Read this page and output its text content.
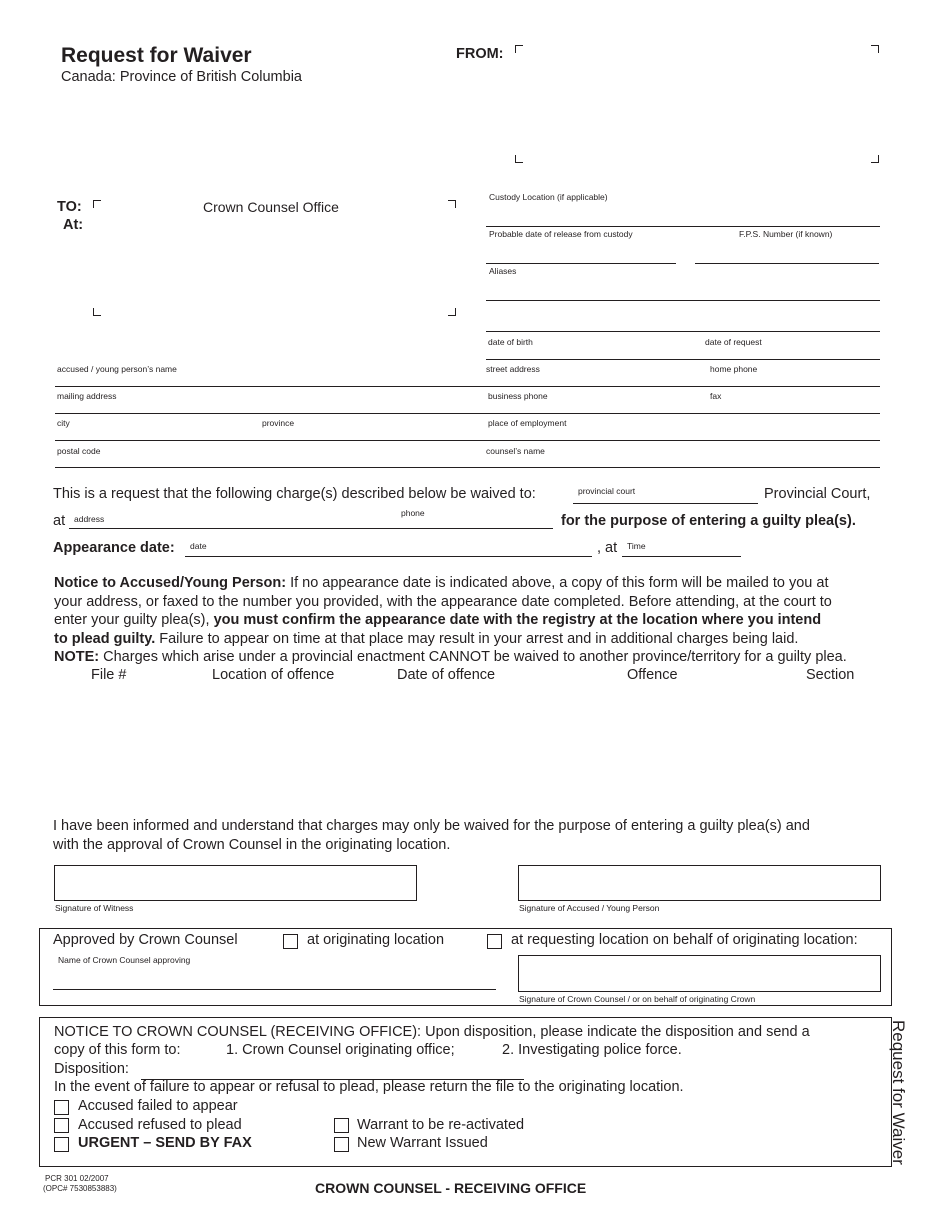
Request for Waiver
Canada: Province of British Columbia
FROM:
TO:
At:
Crown Counsel Office
Custody Location (if applicable)
Probable date of release from custody	F.P.S. Number (if known)
Aliases
date of birth	date of request
accused / young person’s name	street address	home phone
mailing address	business phone	fax
city	province	place of employment
postal code	counsel’s name
This is a request that the following charge(s) described below be waived to:	provincial court	Provincial Court,
at address
phone	for the purpose of entering a guilty plea(s).
Appearance date: date	, at Time

Notice to Accused/Young Person: If no appearance date is indicated above, a copy of this form will be mailed to you at

your address, or faxed to the number you provided, with the appearance date completed. Before attending, at the court to

enter your guilty plea(s), you must confirm the appearance date with the registry at the location where you intend

to plead guilty. Failure to appear on time at that place may result in your arrest and in additional charges being laid.

NOTE: Charges which arise under a provincial enactment CANNOT be waived to another province/territory for a guilty plea.

File #	Location of offence	Date of offence	Offence	Section

I have been informed and understand that charges may only be waived for the purpose of entering a guilty plea(s) and

with the approval of Crown Counsel in the originating location.

Signature of Witness	Signature of Accused / Young Person
Approved by Crown Counsel	at originating location	at requesting location on behalf of originating location:
Name of Crown Counsel approving
Signature of Crown Counsel / or on behalf of originating Crown
NOTICE TO CROWN COUNSEL (RECEIVING OFFICE): Upon disposition, please indicate the disposition and send a
copy of this form to:	1. Crown Counsel originating office;	2. Investigating police force.
Disposition:
In the event of failure to appear or refusal to plead, please return the file to the originating location.
Accused failed to appear
Accused refused to plead
URGENT – SEND BY FAX
Warrant to be re-activated
New Warrant Issued	Request for Waiver
PCR 301 02/2007
(OPC# 7530853883)	CROWN COUNSEL - RECEIVING OFFICE
